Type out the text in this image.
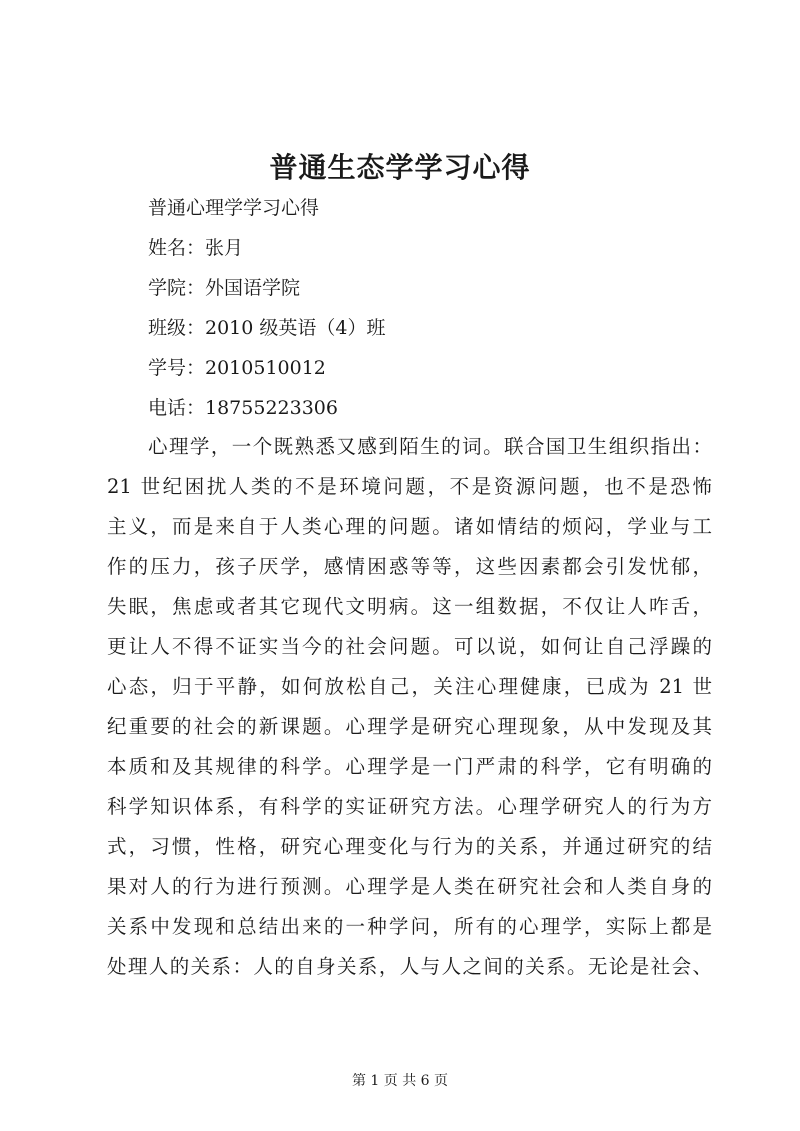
普通生态学学习心得
普通心理学学习心得
姓名：张月
学院：外国语学院
班级：2010 级英语（4）班
学号：2010510012
电话：18755223306
心理学，一个既熟悉又感到陌生的词。联合国卫生组织指出：
21 世纪困扰人类的不是环境问题，不是资源问题，也不是恐怖
主义，而是来自于人类心理的问题。诸如情结的烦闷，学业与工
作的压力，孩子厌学，感情困惑等等，这些因素都会引发忧郁，
失眠，焦虑或者其它现代文明病。这一组数据，不仅让人咋舌，
更让人不得不证实当今的社会问题。可以说，如何让自己浮躁的
心态，归于平静，如何放松自己，关注心理健康，已成为 21 世
纪重要的社会的新课题。心理学是研究心理现象，从中发现及其
本质和及其规律的科学。心理学是一门严肃的科学，它有明确的
科学知识体系，有科学的实证研究方法。心理学研究人的行为方
式，习惯，性格，研究心理变化与行为的关系，并通过研究的结
果对人的行为进行预测。心理学是人类在研究社会和人类自身的
关系中发现和总结出来的一种学问，所有的心理学，实际上都是
处理人的关系：人的自身关系，人与人之间的关系。无论是社会、
第 1 页 共 6 页
